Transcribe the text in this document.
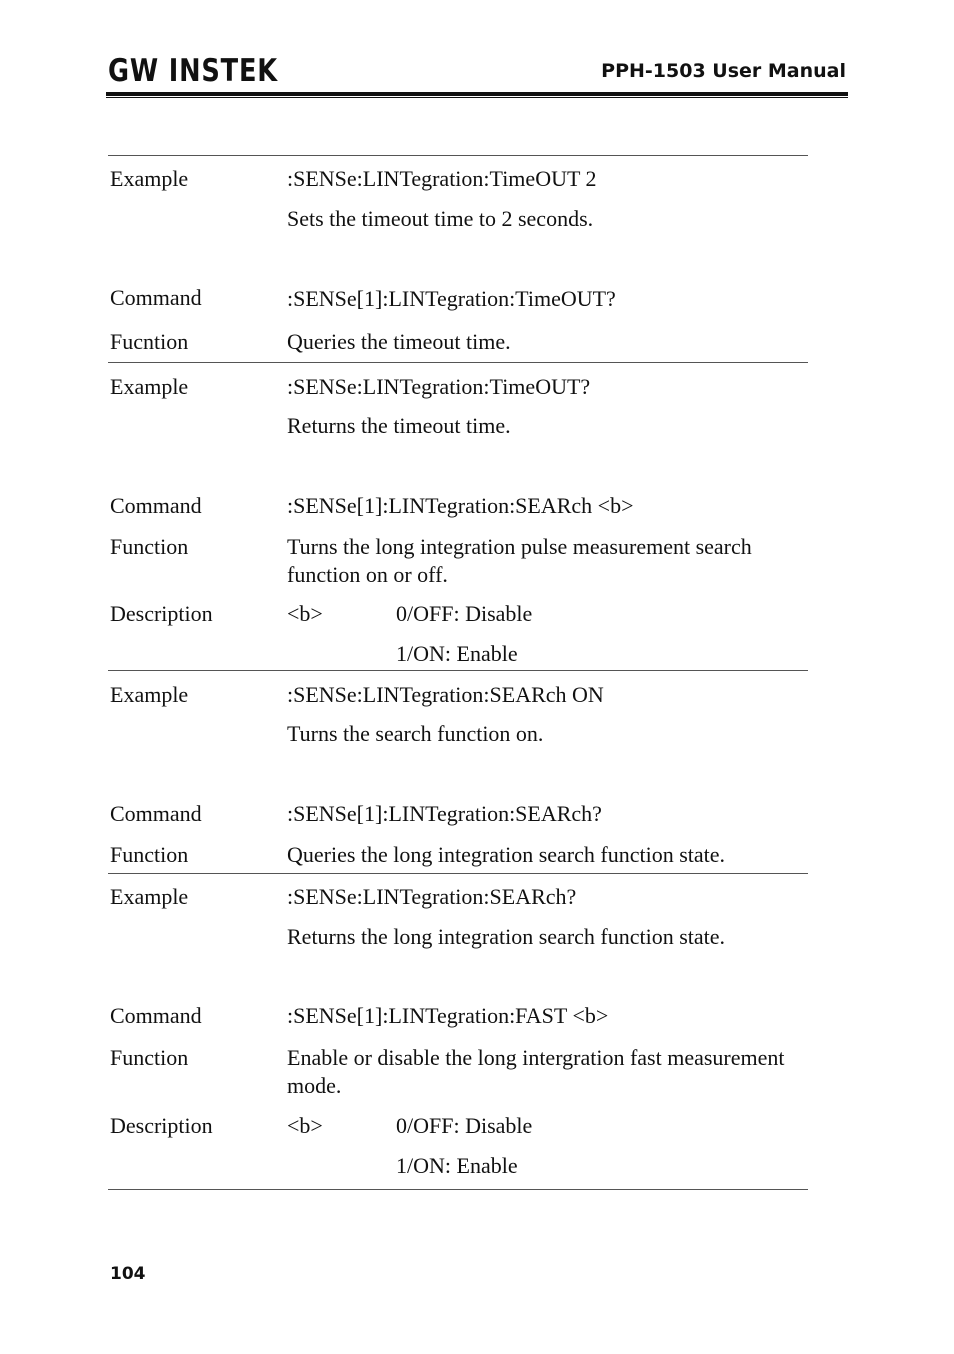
GW INSTEK	PPH-1503 User Manual
Example	:SENSe:LINTegration:TimeOUT 2
Sets the timeout time to 2 seconds.
Command	:SENSe[1]:LINTegration:TimeOUT?
Fucntion	Queries the timeout time.
Example	:SENSe:LINTegration:TimeOUT?
Returns the timeout time.
Command	:SENSe[1]:LINTegration:SEARch <b>
Function	Turns the long integration pulse measurement search function on or off.
Description	<b>	0/OFF: Disable
1/ON: Enable
Example	:SENSe:LINTegration:SEARch ON
Turns the search function on.
Command	:SENSe[1]:LINTegration:SEARch?
Function	Queries the long integration search function state.
Example	:SENSe:LINTegration:SEARch?
Returns the long integration search function state.
Command	:SENSe[1]:LINTegration:FAST <b>
Function	Enable or disable the long intergration fast measurement mode.
Description	<b>	0/OFF: Disable
1/ON: Enable
104
